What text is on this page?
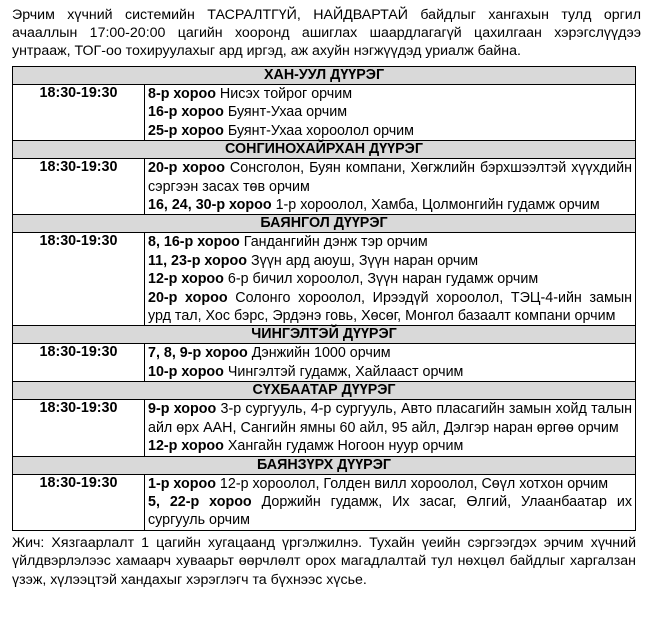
Эрчим хүчний системийн ТАСРАЛТГҮЙ, НАЙДВАРТАЙ байдлыг хангахын тулд оргил ачааллын 17:00-20:00 цагийн хооронд ашиглах шаардлагагүй цахилгаан хэрэгслүүдээ унтрааж, ТОГ-оо тохируулахыг ард иргэд, аж ахуйн нэгжүүдэд уриалж байна.
ХАН-УУЛ ДҮҮРЭГ	
18:30-19:30	8-р хороо Нисэх тойрог орчим
16-р хороо Буянт-Ухаа орчим
25-р хороо Буянт-Ухаа хороолол орчим

СОНГИНОХАЙРХАН ДҮҮРЭГ	
18:30-19:30	20-р хороо Сонсголон, Буян компани, Хөгжлийн бэрхшээлтэй хүүхдийн сэргээн засах төв орчим
16, 24, 30-р хороо 1-р хороолол, Хамба, Цолмонгийн гудамж орчим

БАЯНГОЛ ДҮҮРЭГ	
18:30-19:30	8, 16-р хороо Гандангийн дэнж тэр орчим
11, 23-р хороо Зүүн ард аюуш, Зүүн наран орчим
12-р хороо 6-р бичил хороолол, Зүүн наран гудамж орчим
20-р хороо Солонго хороолол, Ирээдүй хороолол, ТЭЦ-4-ийн замын урд тал, Хос бэрс, Эрдэнэ говь, Хөсөг, Монгол базаалт компани орчим

ЧИНГЭЛТЭЙ ДҮҮРЭГ	
18:30-19:30	7, 8, 9-р хороо Дэнжийн 1000 орчим
10-р хороо Чингэлтэй гудамж, Хайлааст орчим

СҮХБААТАР ДҮҮРЭГ	
18:30-19:30	9-р хороо 3-р сургууль, 4-р сургууль, Авто пласагийн замын хойд талын айл өрх ААН, Сангийн ямны 60 айл, 95 айл, Дэлгэр наран өргөө орчим
12-р хороо Хангайн гудамж Ногоон нуур орчим

БАЯНЗҮРХ ДҮҮРЭГ	
18:30-19:30	1-р хороо 12-р хороолол, Голден вилл хороолол, Сөүл хотхон орчим
5, 22-р хороо Доржийн гудамж, Их засаг, Өлгий, Улаанбаатар их сургууль орчим
Жич: Хязгаарлалт 1 цагийн хугацаанд үргэлжилнэ. Тухайн үеийн сэргээгдэх эрчим хүчний үйлдвэрлэлээс хамаарч хуваарьт өөрчлөлт орох магадлалтай тул нөхцөл байдлыг харгалзан үзэж, хүлээцтэй хандахыг хэрэглэгч та бүхнээс хүсье.
